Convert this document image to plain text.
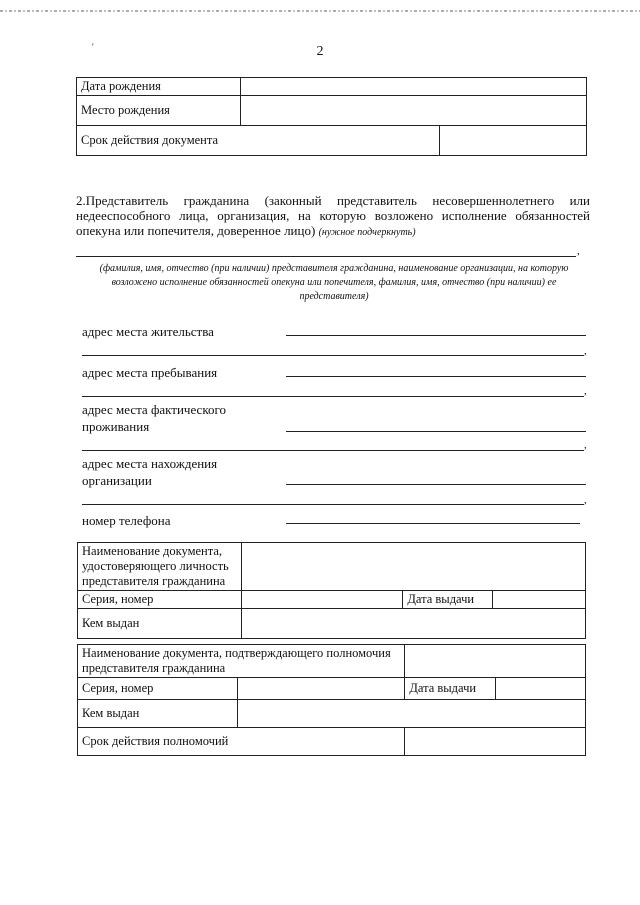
'	2
Дата рождения		
Место рождения		
Срок действия документа		
2.Представитель гражданина (законный представитель несовершеннолетнего или недееспособного лица, организация, на которую возложено исполнение обязанностей опекуна или попечителя, доверенное лицо) (нужное подчеркнуть)
,
(фамилия, имя, отчество (при наличии) представителя гражданина, наименование организации, на которую возложено исполнение обязанностей опекуна или попечителя, фамилия, имя, отчество (при наличии) ее представителя)
адрес места жительства
,
адрес места пребывания
,
адрес места фактического
проживания
,
адрес места нахождения
организации
,
номер телефона
Наименование документа, удостоверяющего личность представителя гражданина			
Серия, номер		Дата выдачи	
Кем выдан			
Наименование документа, подтверждающего полномочия представителя гражданина			
Серия, номер		Дата выдачи	
Кем выдан			
Срок действия полномочий			
